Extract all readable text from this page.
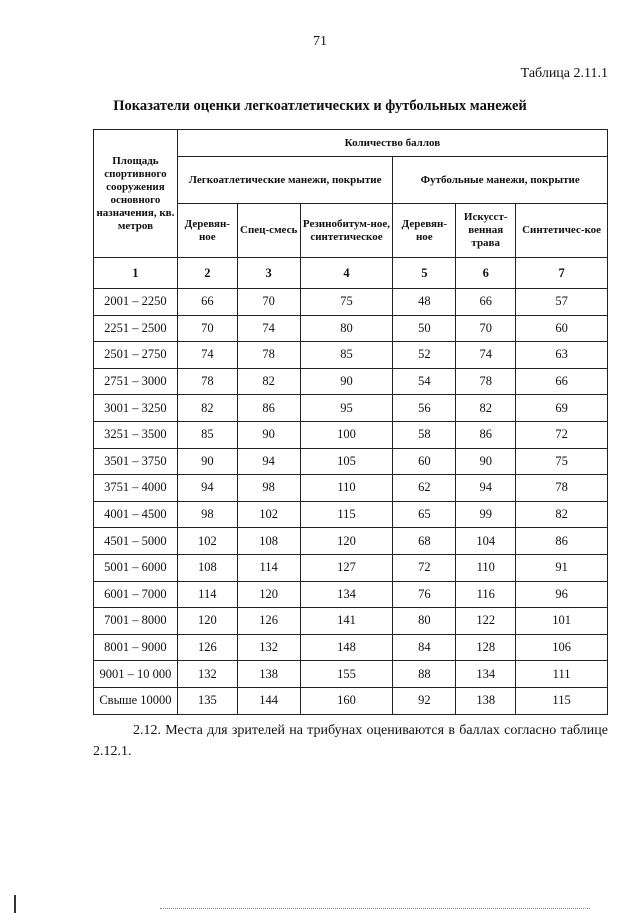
71
Таблица 2.11.1
Показатели оценки легкоатлетических и футбольных манежей
Площадь спортивного сооружения основного назначения, кв. метров	Количество баллов					
	Легкоатлетические манежи, покрытие			Футбольные манежи, покрытие		
	Деревян-ное	Спец-смесь	Резинобитум-ное, синтетическое	Деревян-ное	Искусст-венная трава	Синтетичес-кое
1	2	3	4	5	6	7
2001 – 2250	66	70	75	48	66	57
2251 – 2500	70	74	80	50	70	60
2501 – 2750	74	78	85	52	74	63
2751 – 3000	78	82	90	54	78	66
3001 – 3250	82	86	95	56	82	69
3251 – 3500	85	90	100	58	86	72
3501 – 3750	90	94	105	60	90	75
3751 – 4000	94	98	110	62	94	78
4001 – 4500	98	102	115	65	99	82
4501 – 5000	102	108	120	68	104	86
5001 – 6000	108	114	127	72	110	91
6001 – 7000	114	120	134	76	116	96
7001 – 8000	120	126	141	80	122	101
8001 – 9000	126	132	148	84	128	106
9001 – 10 000	132	138	155	88	134	111
Свыше 10000	135	144	160	92	138	115
2.12. Места для зрителей на трибунах оцениваются в баллах согласно таблице 2.12.1.
